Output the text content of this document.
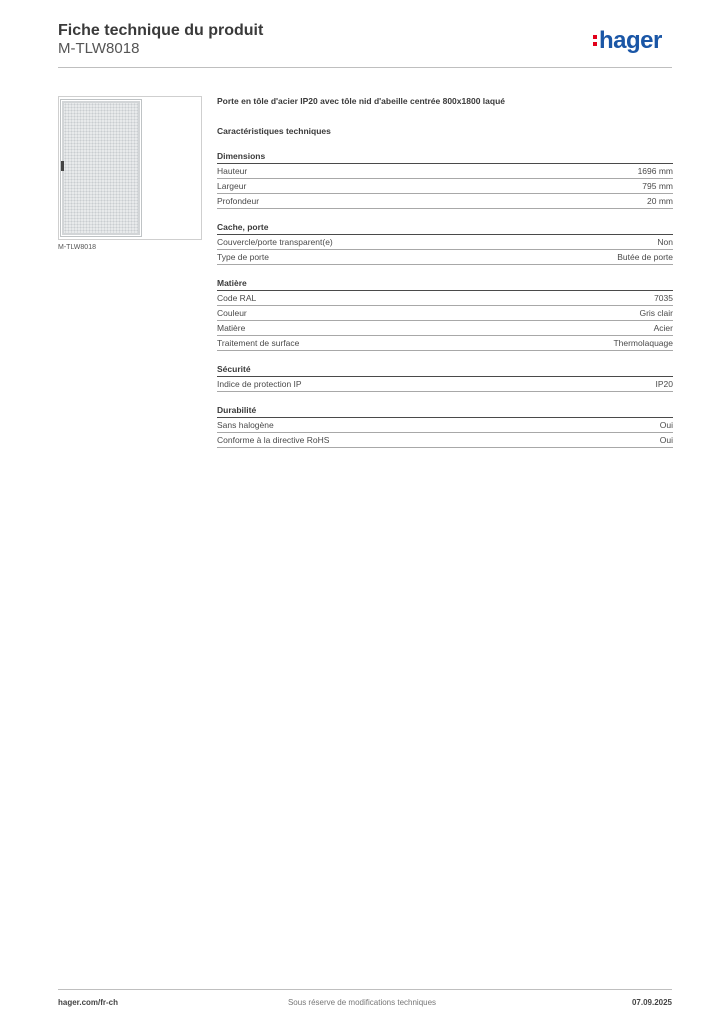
Fiche technique du produit
M-TLW8018	hager
M-TLW8018

Porte en tôle d'acier IP20 avec tôle nid d'abeille centrée 800x1800 laqué

Caractéristiques techniques
Dimensions
Hauteur	1696 mm
Largeur	795 mm
Profondeur	20 mm
Cache, porte
Couvercle/porte transparent(e)	Non
Type de porte	Butée de porte
Matière
Code RAL	7035
Couleur	Gris clair
Matière	Acier
Traitement de surface	Thermolaquage
Sécurité
Indice de protection IP	IP20
Durabilité
Sans halogène	Oui
Conforme à la directive RoHS	Oui
hager.com/fr-ch	Sous réserve de modifications techniques	07.09.2025
